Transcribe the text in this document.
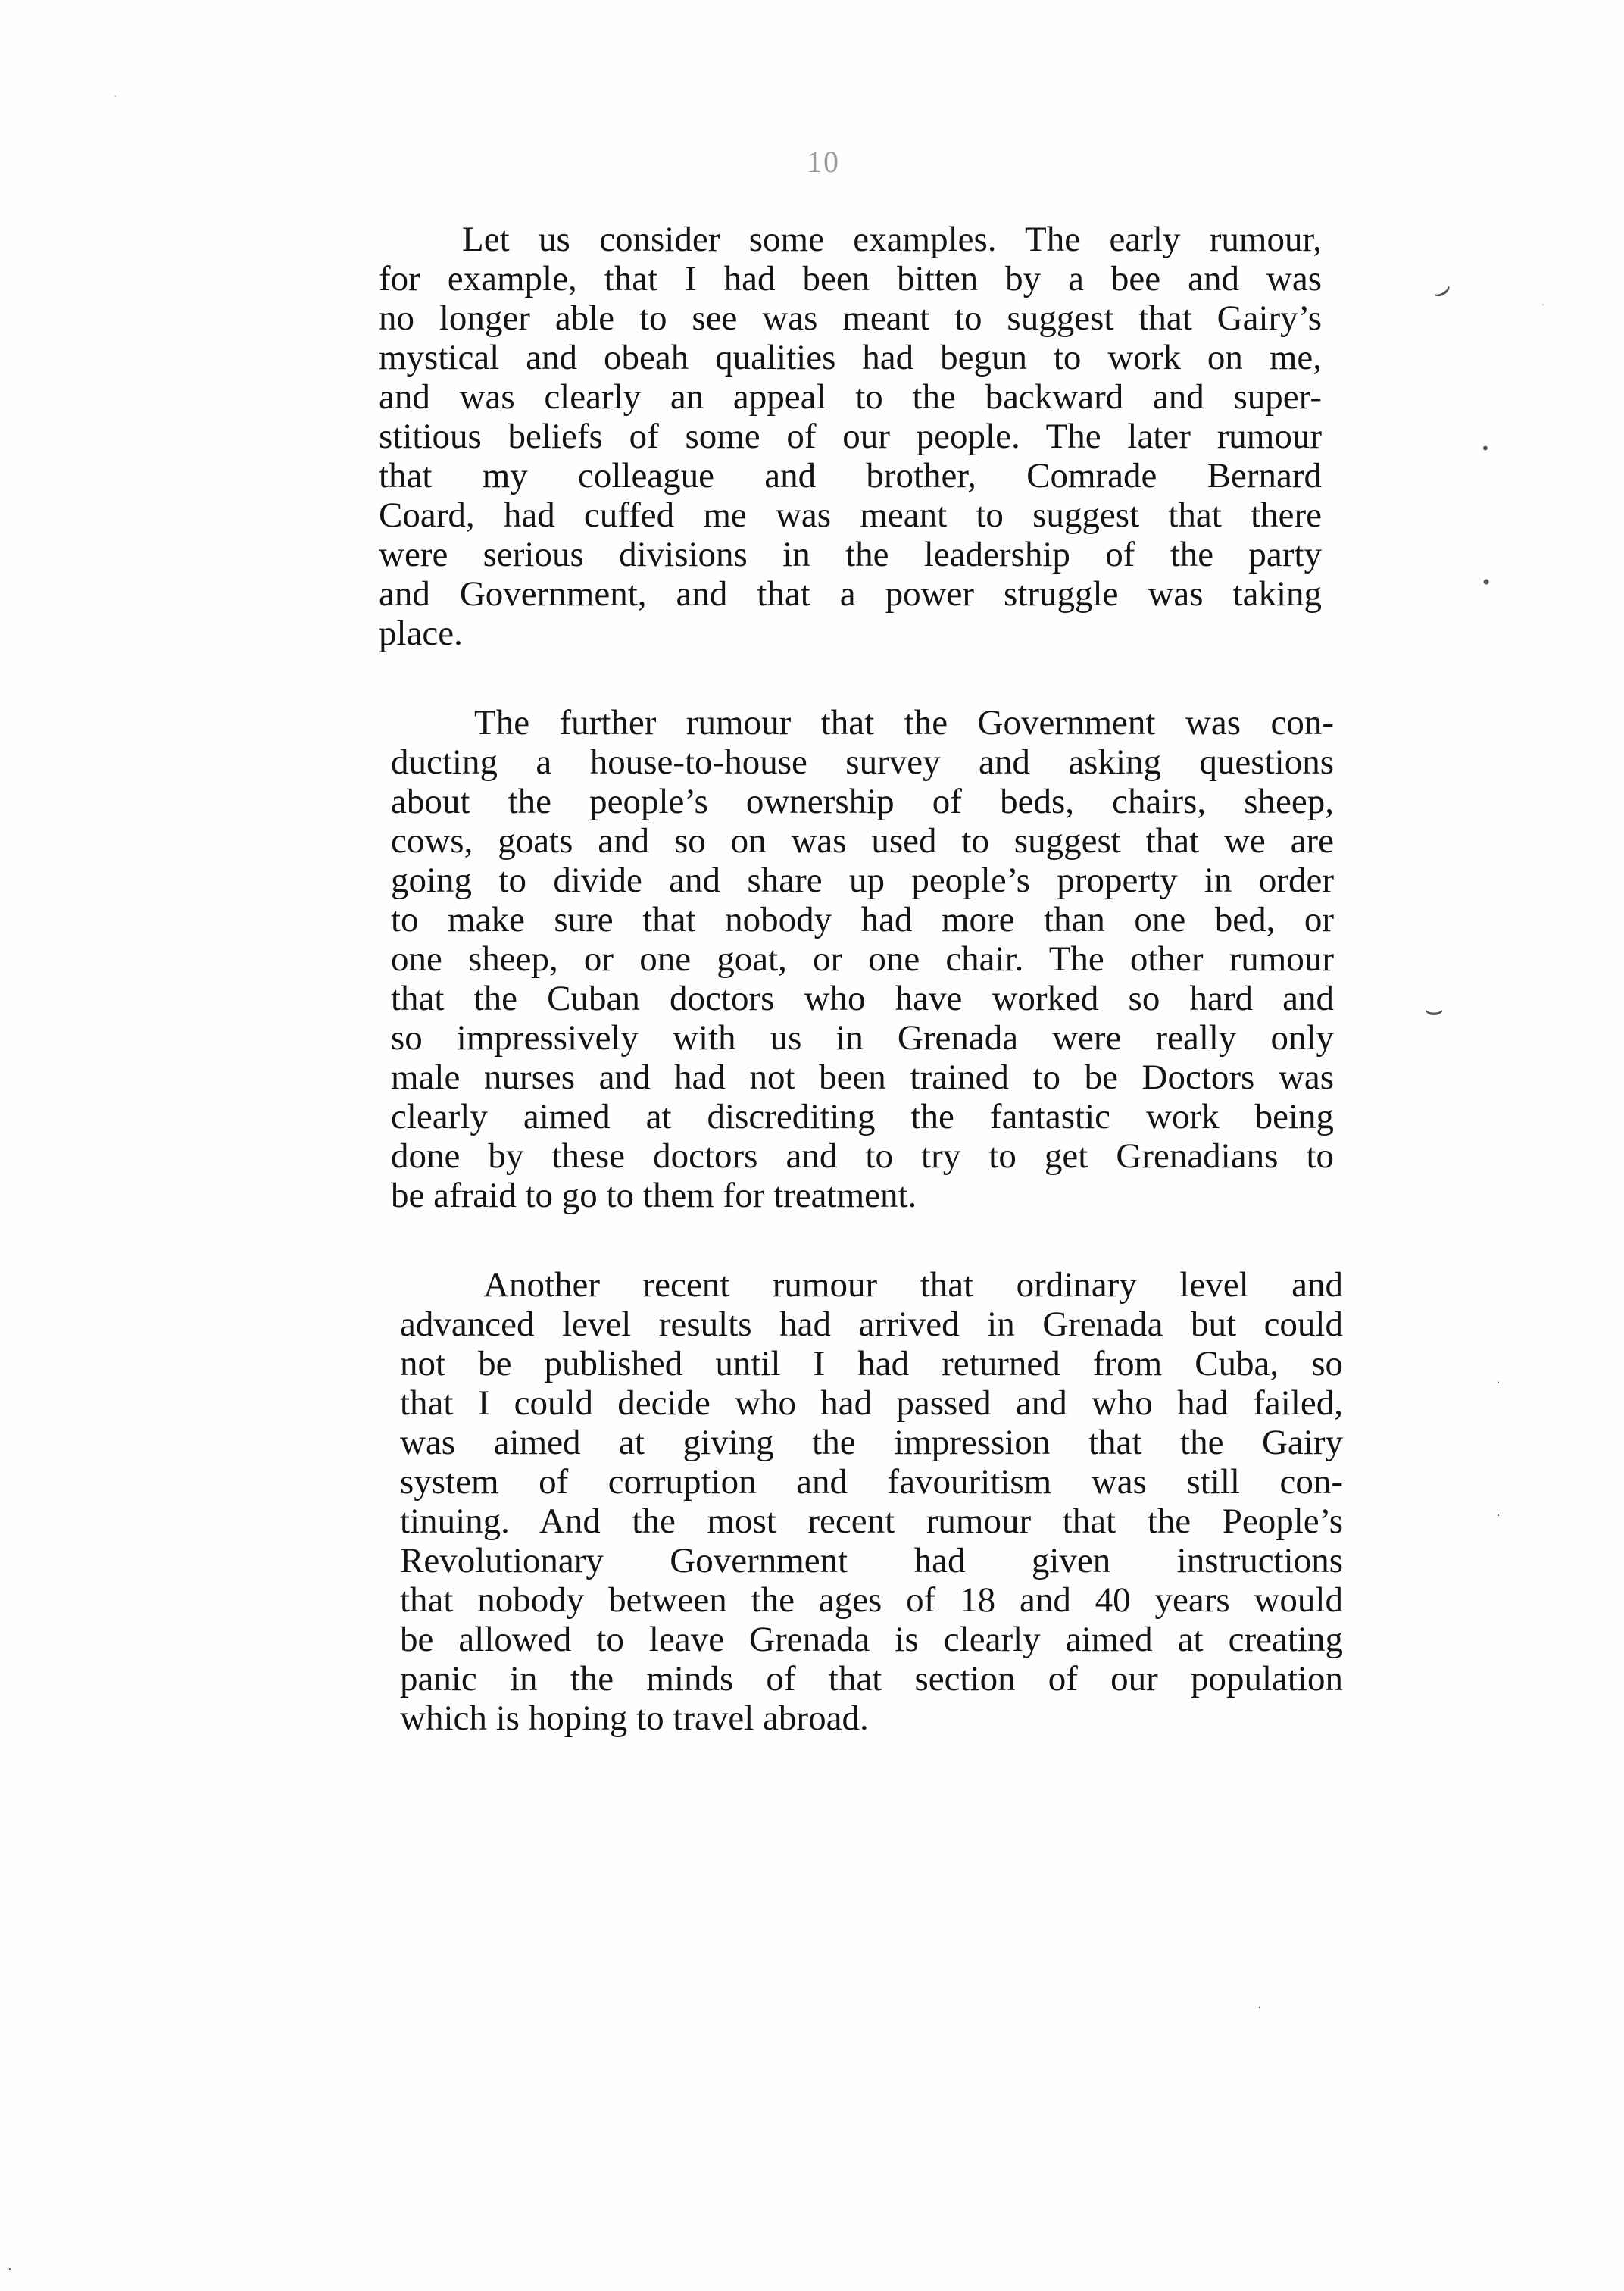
10
Let us consider some examples. The early rumour,
for example, that I had been bitten by a bee and was
no longer able to see was meant to suggest that Gairy’s
mystical and obeah qualities had begun to work on me,
and was clearly an appeal to the backward and super-
stitious beliefs of some of our people. The later rumour
that my colleague and brother, Comrade Bernard
Coard, had cuffed me was meant to suggest that there
were serious divisions in the leadership of the party
and Government, and that a power struggle was taking
place.
The further rumour that the Government was con-
ducting a house-to-house survey and asking questions
about the people’s ownership of beds, chairs, sheep,
cows, goats and so on was used to suggest that we are
going to divide and share up people’s property in order
to make sure that nobody had more than one bed, or
one sheep, or one goat, or one chair. The other rumour
that the Cuban doctors who have worked so hard and
so impressively with us in Grenada were really only
male nurses and had not been trained to be Doctors was
clearly aimed at discrediting the fantastic work being
done by these doctors and to try to get Grenadians to
be afraid to go to them for treatment.
Another recent rumour that ordinary level and
advanced level results had arrived in Grenada but could
not be published until I had returned from Cuba, so
that I could decide who had passed and who had failed,
was aimed at giving the impression that the Gairy
system of corruption and favouritism was still con-
tinuing. And the most recent rumour that the People’s
Revolutionary Government had given instructions
that nobody between the ages of 18 and 40 years would
be allowed to leave Grenada is clearly aimed at creating
panic in the minds of that section of our population
which is hoping to travel abroad.
⌣
•
•
⌣
·
·
·
·
·
·
